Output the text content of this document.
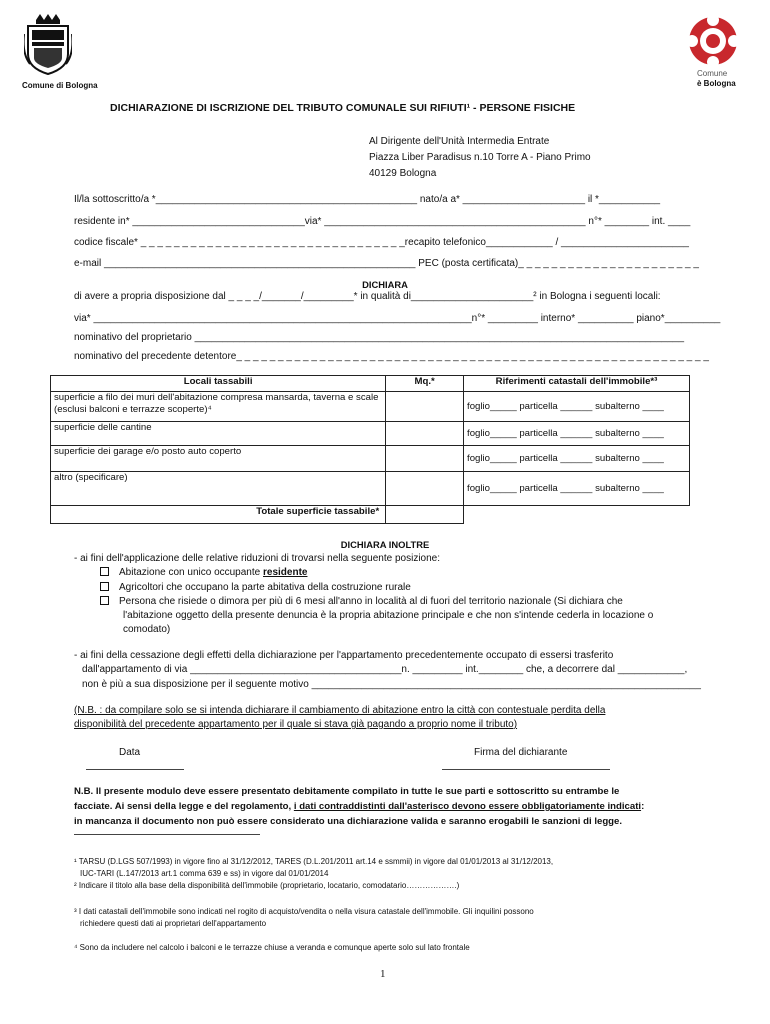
Comune di Bologna
Comune
è Bologna
DICHIARAZIONE DI ISCRIZIONE DEL TRIBUTO COMUNALE SUI RIFIUTI¹ - PERSONE FISICHE
Al Dirigente dell'Unità Intermedia Entrate
Piazza Liber Paradisus n.10 Torre A - Piano Primo
40129 Bologna
Il/la sottoscritto/a *_______________________________________________ nato/a a* ______________________ il *___________
residente in* _______________________________via* _______________________________________________ n°* ________ int. ____
codice fiscale* _ _ _ _ _ _ _ _ _ _ _ _ _ _ _ _ _ _ _ _ _ _ _ _ _ _ _ _ _ _ _ _recapito telefonico____________ / _______________________
e-mail ________________________________________________________ PEC (posta certificata)_ _ _ _ _ _ _ _ _ _ _ _ _ _ _ _ _ _ _ _ _ _
DICHIARA
di avere a propria disposizione dal _ _ _ _/_______/_________* in qualità di______________________² in Bologna i seguenti locali:
via* ____________________________________________________________________n°* _________ interno* __________ piano*__________
nominativo del proprietario ________________________________________________________________________________________
nominativo del precedente detentore_ _ _ _ _ _ _ _ _ _ _ _ _ _ _ _ _ _ _ _ _ _ _ _ _ _ _ _ _ _ _ _ _ _ _ _ _ _ _ _ _ _ _ _ _ _ _ _ _ _ _ _ _ _ _ _ _
Locali tassabili	Mq.*	Riferimenti catastali dell'immobile*³
superficie a filo dei muri dell'abitazione compresa mansarda, taverna e scale (esclusi balconi e terrazze scoperte)⁴		foglio_____ particella ______ subalterno ____
superficie delle cantine		foglio_____ particella ______ subalterno ____
superficie dei garage e/o posto auto coperto		foglio_____ particella ______ subalterno ____
altro (specificare)		foglio_____ particella ______ subalterno ____
Totale superficie tassabile*		
DICHIARA INOLTRE
- ai fini dell'applicazione delle relative riduzioni di trovarsi nella seguente posizione:
Abitazione con unico occupante residente
Agricoltori che occupano la parte abitativa della costruzione rurale
Persona che risiede o dimora per più di 6 mesi all'anno in località al di fuori del territorio nazionale (Si dichiara che
l'abitazione oggetto della presente denuncia è la propria abitazione principale e che non s'intende cederla in locazione o
comodato)
- ai fini della cessazione degli effetti della dichiarazione per l'appartamento precedentemente occupato di essersi trasferito
dall'appartamento di via ______________________________________n. _________ int.________ che, a decorrere dal ____________,
non è più a sua disposizione per il seguente motivo ______________________________________________________________________
(N.B. : da compilare solo se si intenda dichiarare il cambiamento di abitazione entro la città con contestuale perdita della
disponibilità del precedente appartamento per il quale si stava già pagando a proprio nome il tributo)
Data	Firma del dichiarante
N.B. Il presente modulo deve essere presentato debitamente compilato in tutte le sue parti e sottoscritto su entrambe le
facciate. Ai sensi della legge e del regolamento, i dati contraddistinti dall'asterisco devono essere obbligatoriamente indicati:
in mancanza il documento non può essere considerato una dichiarazione valida e saranno erogabili le sanzioni di legge.
¹ TARSU (D.LGS 507/1993) in vigore fino al 31/12/2012, TARES (D.L.201/2011 art.14 e ssmmii) in vigore dal 01/01/2013 al 31/12/2013,
IUC-TARI (L.147/2013 art.1 comma 639 e ss) in vigore dal 01/01/2014
² Indicare il titolo alla base della disponibilità dell'immobile (proprietario, locatario, comodatario……………….)
³ I dati catastali dell'immobile sono indicati nel rogito di acquisto/vendita o nella visura catastale dell'immobile. Gli inquilini possono
richiedere questi dati ai proprietari dell'appartamento
⁴ Sono da includere nel calcolo i balconi e le terrazze chiuse a veranda e comunque aperte solo sul lato frontale
1
